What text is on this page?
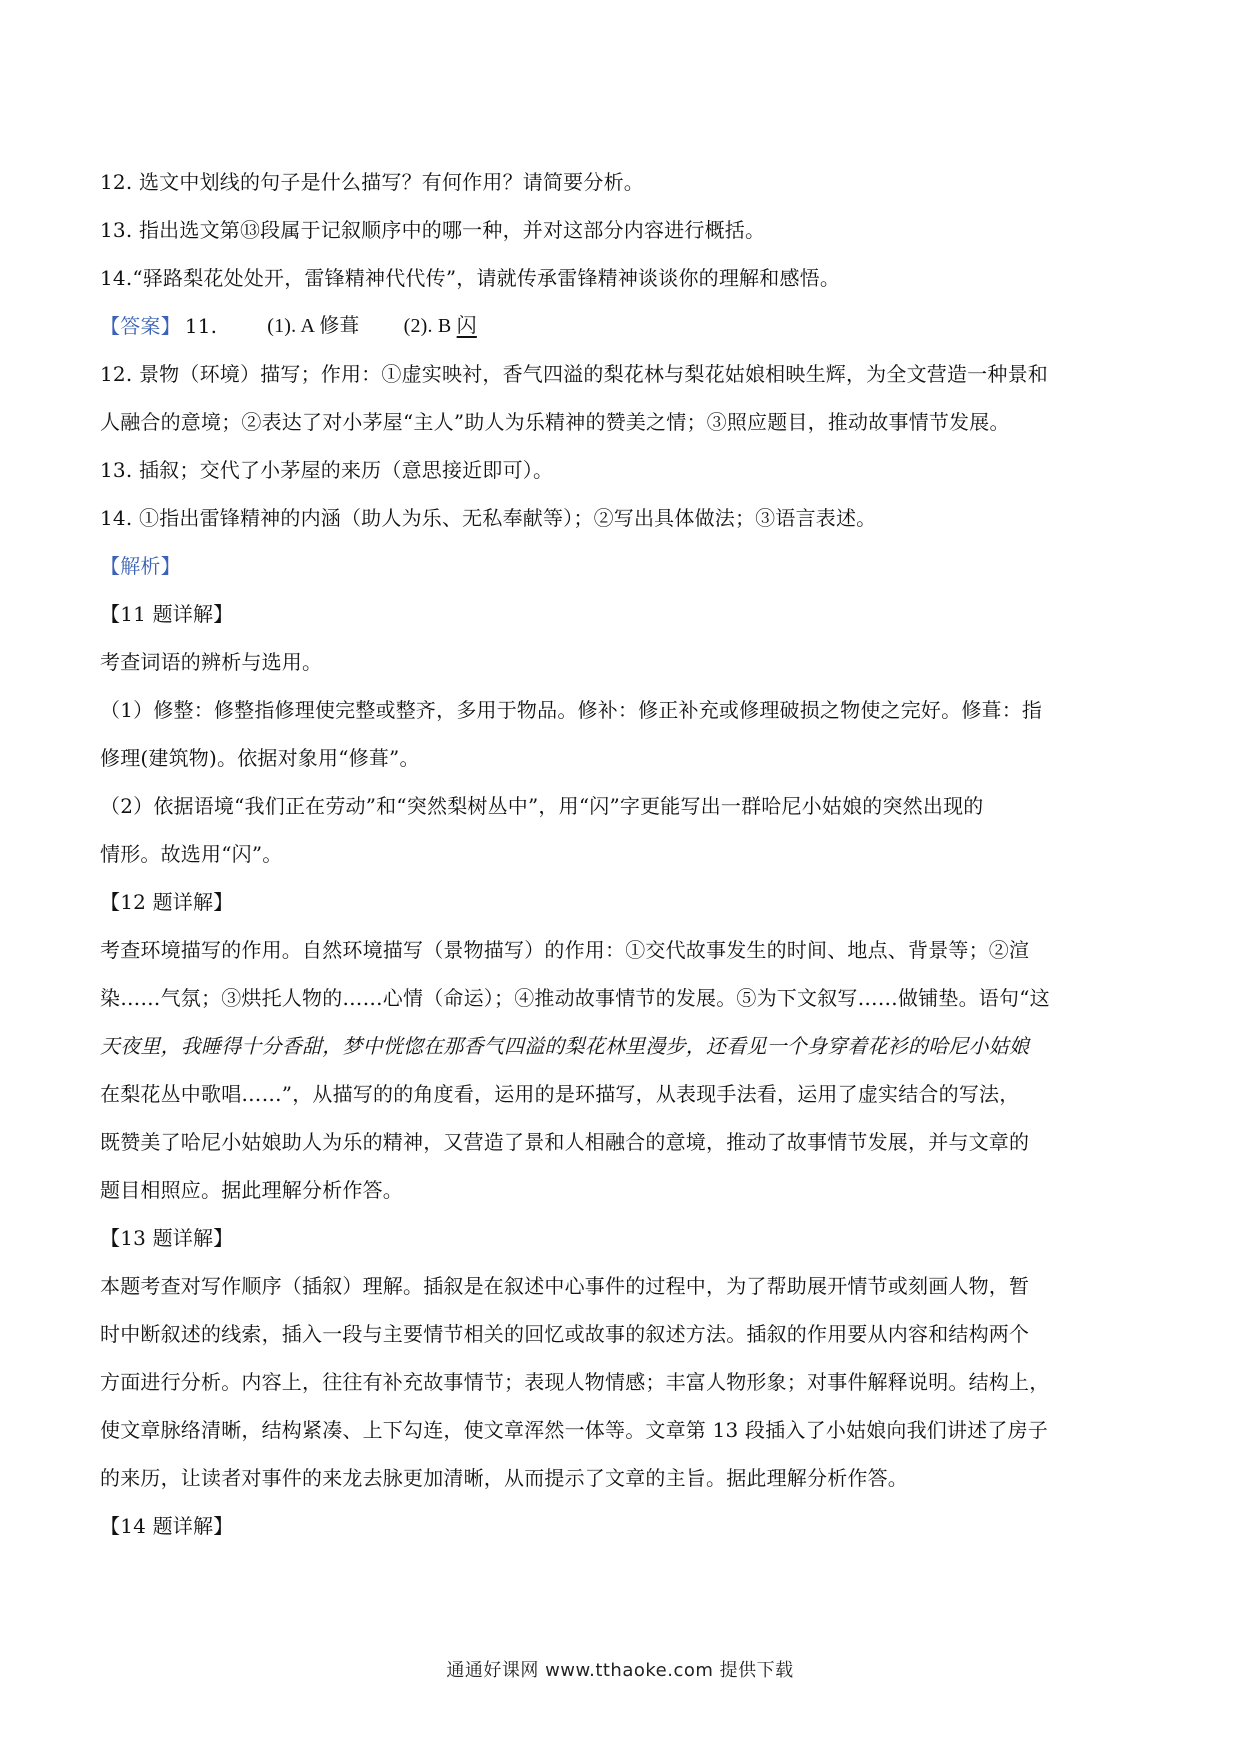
12. 选文中划线的句子是什么描写？有何作用？请简要分析。
13. 指出选文第⑬段属于记叙顺序中的哪一种，并对这部分内容进行概括。
14.“驿路梨花处处开，雷锋精神代代传”，请就传承雷锋精神谈谈你的理解和感悟。
【答案】 11.	(1). A 修葺 (2). B 闪
12. 景物（环境）描写；作用：①虚实映衬，香气四溢的梨花林与梨花姑娘相映生辉，为全文营造一种景和
人融合的意境；②表达了对小茅屋“主人”助人为乐精神的赞美之情；③照应题目，推动故事情节发展。
13. 插叙；交代了小茅屋的来历（意思接近即可）。
14. ①指出雷锋精神的内涵（助人为乐、无私奉献等）；②写出具体做法；③语言表述。
【解析】
【11 题详解】
考查词语的辨析与选用。
（1）修整：修整指修理使完整或整齐，多用于物品。修补：修正补充或修理破损之物使之完好。修葺：指
修理(建筑物)。依据对象用“修葺”。
（2）依据语境“我们正在劳动”和“突然梨树丛中”，用“闪”字更能写出一群哈尼小姑娘的突然出现的
情形。故选用“闪”。
【12 题详解】
考查环境描写的作用。自然环境描写（景物描写）的作用：①交代故事发生的时间、地点、背景等；②渲
染……气氛；③烘托人物的……心情（命运）；④推动故事情节的发展。⑤为下文叙写……做铺垫。语句“这
天夜里，我睡得十分香甜，梦中恍惚在那香气四溢的梨花林里漫步，还看见一个身穿着花衫的哈尼小姑娘
在梨花丛中歌唱……”，从描写的的角度看，运用的是环描写，从表现手法看，运用了虚实结合的写法，
既赞美了哈尼小姑娘助人为乐的精神，又营造了景和人相融合的意境，推动了故事情节发展，并与文章的
题目相照应。据此理解分析作答。
【13 题详解】
本题考查对写作顺序（插叙）理解。插叙是在叙述中心事件的过程中，为了帮助展开情节或刻画人物，暂
时中断叙述的线索，插入一段与主要情节相关的回忆或故事的叙述方法。插叙的作用要从内容和结构两个
方面进行分析。内容上，往往有补充故事情节；表现人物情感；丰富人物形象；对事件解释说明。结构上，
使文章脉络清晰，结构紧凑、上下勾连，使文章浑然一体等。文章第 13 段插入了小姑娘向我们讲述了房子
的来历，让读者对事件的来龙去脉更加清晰，从而提示了文章的主旨。据此理解分析作答。
【14 题详解】
通通好课网 www.tthaoke.com 提供下载
